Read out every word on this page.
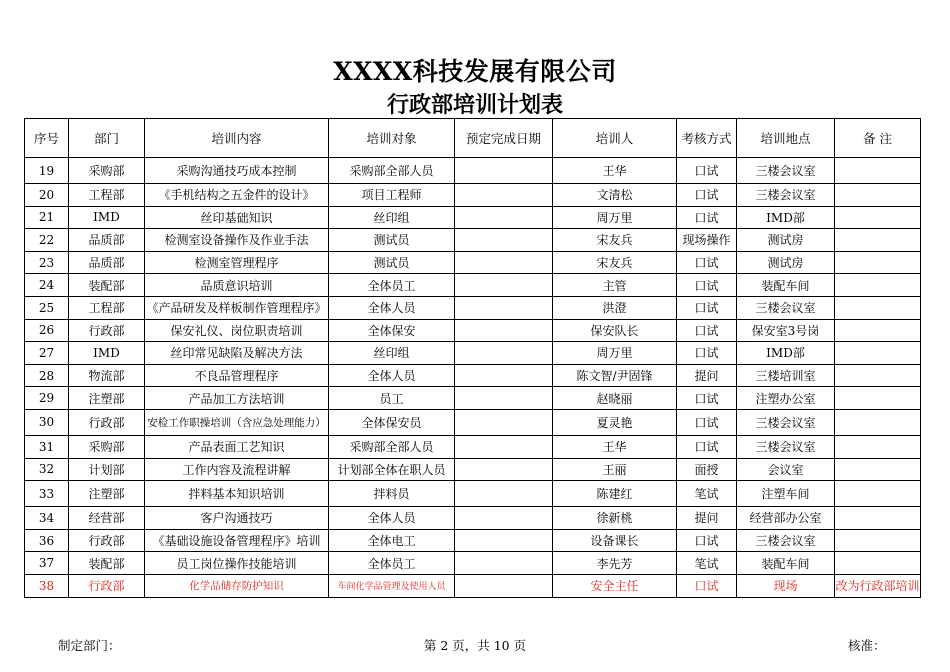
XXXX科技发展有限公司
行政部培训计划表
序号	部门	培训内容	培训对象	预定完成日期	培训人	考核方式	培训地点	备 注
19	采购部	采购沟通技巧成本控制	采购部全部人员		王华	口试	三楼会议室	
20	工程部	《手机结构之五金件的设计》	项目工程师		文清松	口试	三楼会议室	
21	IMD	丝印基础知识	丝印组		周万里	口试	IMD部	
22	品质部	检测室设备操作及作业手法	测试员		宋友兵	现场操作	测试房	
23	品质部	检测室管理程序	测试员		宋友兵	口试	测试房	
24	装配部	品质意识培训	全体员工		主管	口试	装配车间	
25	工程部	《产品研发及样板制作管理程序》	全体人员		洪澄	口试	三楼会议室	
26	行政部	保安礼仪、岗位职责培训	全体保安		保安队长	口试	保安室3号岗	
27	IMD	丝印常见缺陷及解决方法	丝印组		周万里	口试	IMD部	
28	物流部	不良品管理程序	全体人员		陈文智/尹固锋	提问	三楼培训室	
29	注塑部	产品加工方法培训	员工		赵晓丽	口试	注塑办公室	
30	行政部	安检工作职操培训（含应急处理能力）	全体保安员		夏灵艳	口试	三楼会议室	
31	采购部	产品表面工艺知识	采购部全部人员		王华	口试	三楼会议室	
32	计划部	工作内容及流程讲解	计划部全体在职人员		王丽	面授	会议室	
33	注塑部	拌料基本知识培训	拌料员		陈建红	笔试	注塑车间	
34	经营部	客户沟通技巧	全体人员		徐新桃	提问	经营部办公室	
36	行政部	《基础设施设备管理程序》培训	全体电工		设备课长	口试	三楼会议室	
37	装配部	员工岗位操作技能培训	全体员工		李先芳	笔试	装配车间	
38	行政部	化学品储存防护知识	车间化学品管理及使用人员		安全主任	口试	现场	改为行政部培训
制定部门：	第 2 页，共 10 页	核准：
